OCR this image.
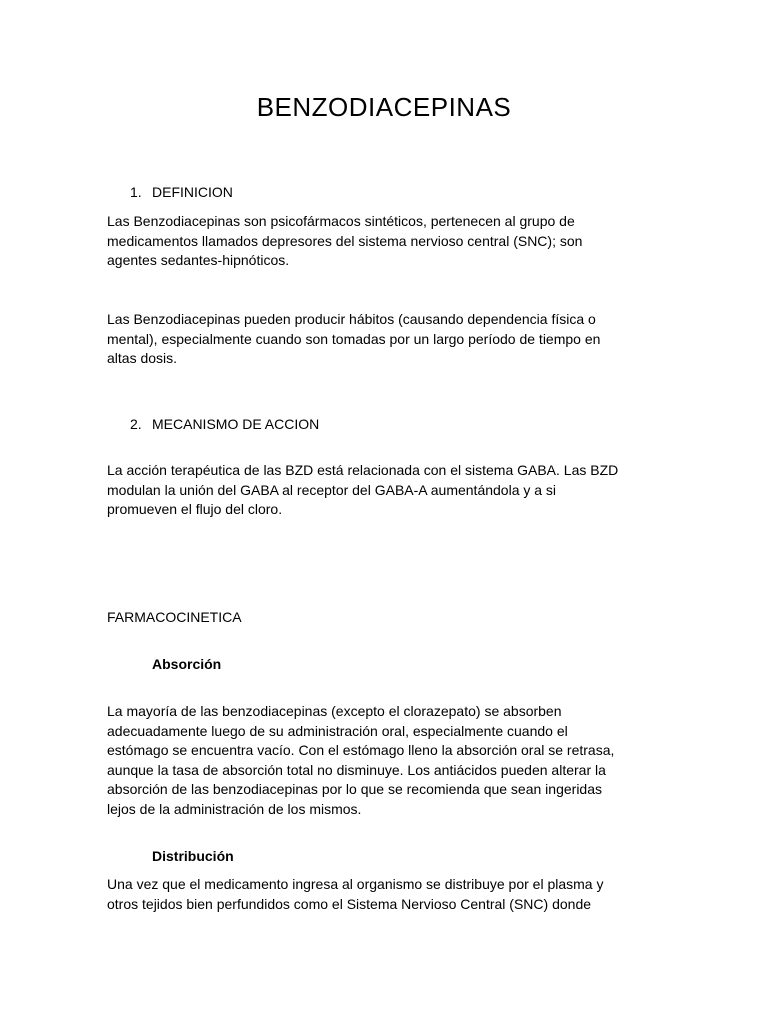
BENZODIACEPINAS

1. DEFINICION

Las Benzodiacepinas son psicofármacos sintéticos, pertenecen al grupo de
medicamentos llamados depresores del sistema nervioso central (SNC); son
agentes sedantes-hipnóticos.

Las Benzodiacepinas pueden producir hábitos (causando dependencia física o
mental), especialmente cuando son tomadas por un largo período de tiempo en
altas dosis.

2. MECANISMO DE ACCION

La acción terapéutica de las BZD está relacionada con el sistema GABA. Las BZD
modulan la unión del GABA al receptor del GABA-A aumentándola y a si
promueven el flujo del cloro.

FARMACOCINETICA

Absorción

La mayoría de las benzodiacepinas (excepto el clorazepato) se absorben
adecuadamente luego de su administración oral, especialmente cuando el
estómago se encuentra vacío. Con el estómago lleno la absorción oral se retrasa,
aunque la tasa de absorción total no disminuye. Los antiácidos pueden alterar la
absorción de las benzodiacepinas por lo que se recomienda que sean ingeridas
lejos de la administración de los mismos.

Distribución

Una vez que el medicamento ingresa al organismo se distribuye por el plasma y
otros tejidos bien perfundidos como el Sistema Nervioso Central (SNC) donde
